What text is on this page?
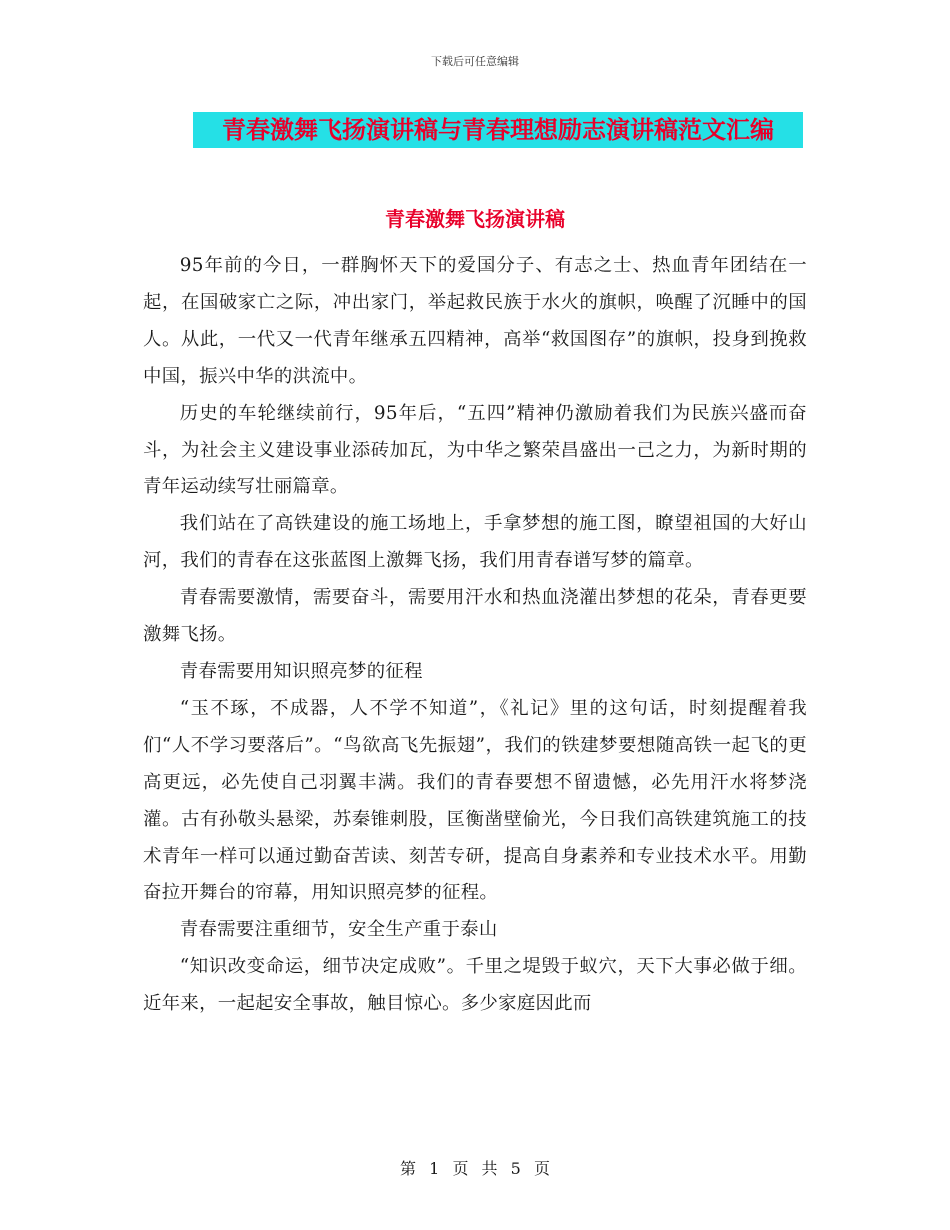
下载后可任意编辑
青春激舞飞扬演讲稿与青春理想励志演讲稿范文汇编
青春激舞飞扬演讲稿

95年前的今日，一群胸怀天下的爱国分子、有志之士、热血青年团结在一起，在国破家亡之际，冲出家门，举起救民族于水火的旗帜，唤醒了沉睡中的国人。从此，一代又一代青年继承五四精神，高举“救国图存”的旗帜，投身到挽救中国，振兴中华的洪流中。

历史的车轮继续前行，95年后，“五四”精神仍激励着我们为民族兴盛而奋斗，为社会主义建设事业添砖加瓦，为中华之繁荣昌盛出一己之力，为新时期的青年运动续写壮丽篇章。

我们站在了高铁建设的施工场地上，手拿梦想的施工图，瞭望祖国的大好山河，我们的青春在这张蓝图上激舞飞扬，我们用青春谱写梦的篇章。

青春需要激情，需要奋斗，需要用汗水和热血浇灌出梦想的花朵，青春更要激舞飞扬。

青春需要用知识照亮梦的征程

“玉不琢，不成器，人不学不知道”，《礼记》里的这句话，时刻提醒着我们“人不学习要落后”。“鸟欲高飞先振翅”，我们的铁建梦要想随高铁一起飞的更高更远，必先使自己羽翼丰满。我们的青春要想不留遗憾，必先用汗水将梦浇灌。古有孙敬头悬梁，苏秦锥刺股，匡衡凿壁偷光，今日我们高铁建筑施工的技术青年一样可以通过勤奋苦读、刻苦专研，提高自身素养和专业技术水平。用勤奋拉开舞台的帘幕，用知识照亮梦的征程。

青春需要注重细节，安全生产重于泰山

“知识改变命运，细节决定成败”。千里之堤毁于蚁穴，天下大事必做于细。近年来，一起起安全事故，触目惊心。多少家庭因此而

第 1 页 共 5 页
